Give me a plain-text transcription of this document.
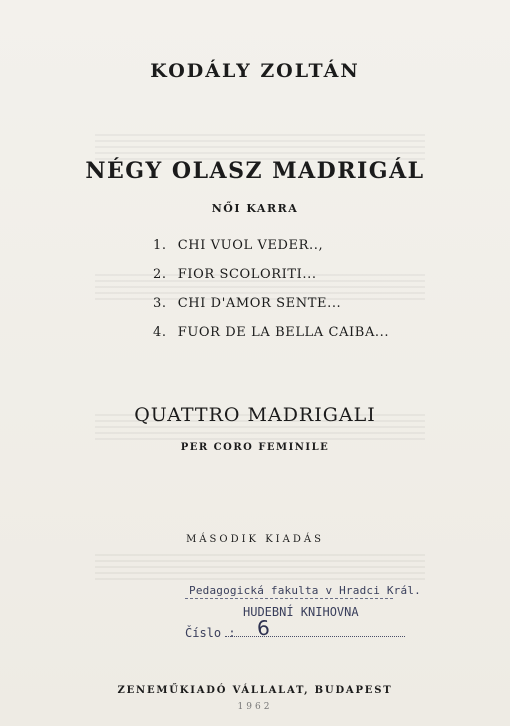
KODÁLY ZOLTÁN
NÉGY OLASZ MADRIGÁL
NŐI KARRA
1. CHI VUOL VEDER..,
2. FIOR SCOLORITI...
3. CHI D'AMOR SENTE...
4. FUOR DE LA BELLA CAIBA...
QUATTRO MADRIGALI
PER CORO FEMINILE
MÁSODIK KIADÁS
Pedagogická fakulta v Hradci Král.
HUDEBNÍ KNIHOVNA
Číslo : 6
ZENEMŰKIADÓ VÁLLALAT, BUDAPEST
1962
